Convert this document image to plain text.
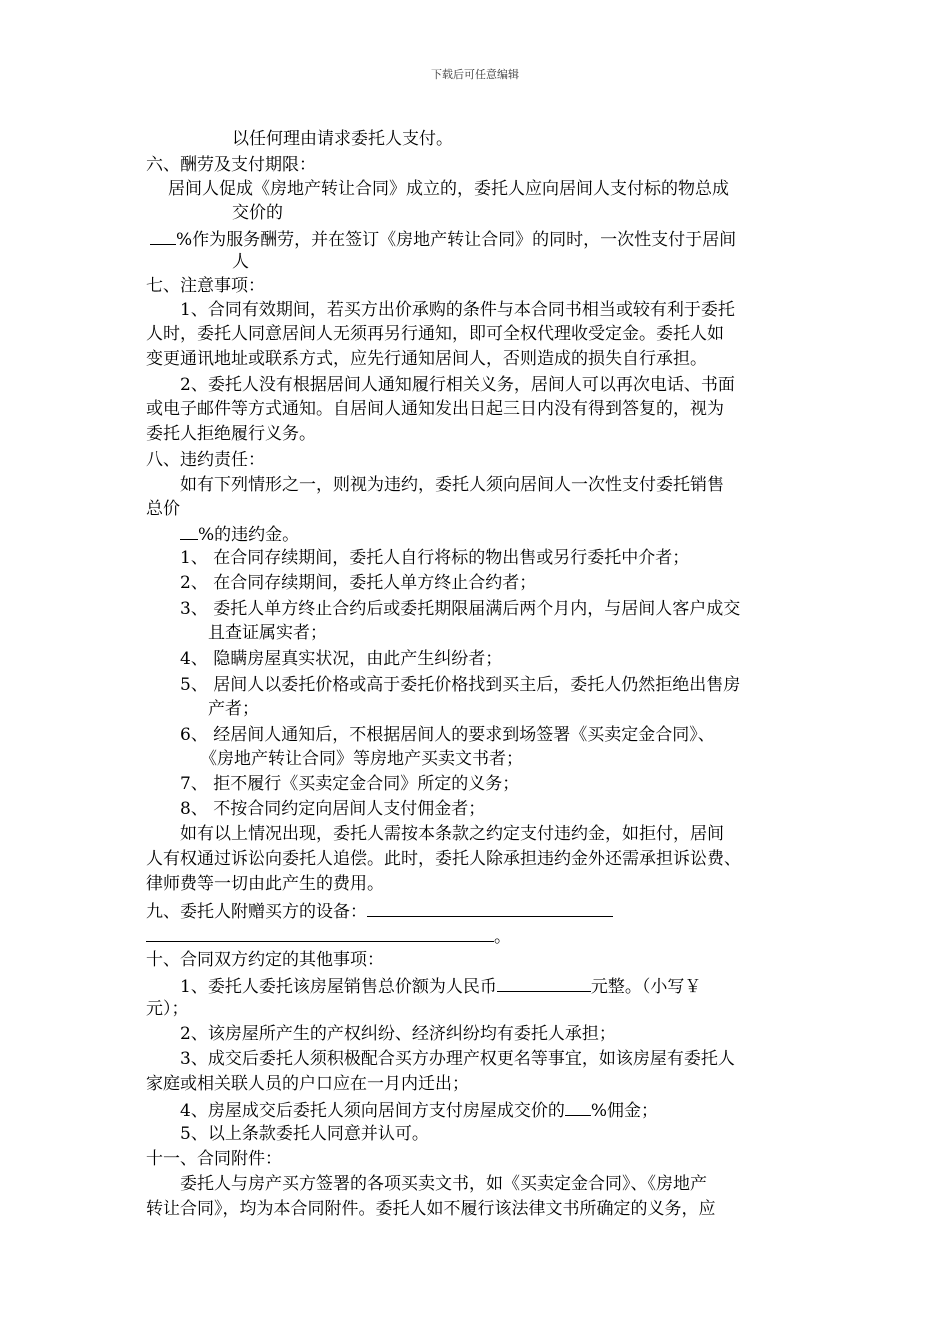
下载后可任意编辑
以任何理由请求委托人支付。
六、酬劳及支付期限：
居间人促成《房地产转让合同》成立的，委托人应向居间人支付标的物总成
交价的
%作为服务酬劳，并在签订《房地产转让合同》的同时，一次性支付于居间
人
七、注意事项：
1、合同有效期间，若买方出价承购的条件与本合同书相当或较有利于委托
人时，委托人同意居间人无须再另行通知，即可全权代理收受定金。委托人如
变更通讯地址或联系方式，应先行通知居间人，否则造成的损失自行承担。
2、委托人没有根据居间人通知履行相关义务，居间人可以再次电话、书面
或电子邮件等方式通知。自居间人通知发出日起三日内没有得到答复的，视为
委托人拒绝履行义务。
八、违约责任：
如有下列情形之一，则视为违约，委托人须向居间人一次性支付委托销售
总价
%的违约金。
1、 在合同存续期间，委托人自行将标的物出售或另行委托中介者；
2、 在合同存续期间，委托人单方终止合约者；
3、 委托人单方终止合约后或委托期限届满后两个月内，与居间人客户成交
且查证属实者；
4、 隐瞒房屋真实状况，由此产生纠纷者；
5、 居间人以委托价格或高于委托价格找到买主后，委托人仍然拒绝出售房
产者；
6、 经居间人通知后，不根据居间人的要求到场签署《买卖定金合同》、
《房地产转让合同》等房地产买卖文书者；
7、 拒不履行《买卖定金合同》所定的义务；
8、 不按合同约定向居间人支付佣金者；
如有以上情况出现，委托人需按本条款之约定支付违约金，如拒付，居间
人有权通过诉讼向委托人追偿。此时，委托人除承担违约金外还需承担诉讼费、
律师费等一切由此产生的费用。
九、委托人附赠买方的设备：
。
十、合同双方约定的其他事项：
1、委托人委托该房屋销售总价额为人民币	元整。（小写￥
元）；
2、该房屋所产生的产权纠纷、经济纠纷均有委托人承担；
3、成交后委托人须积极配合买方办理产权更名等事宜，如该房屋有委托人
家庭或相关联人员的户口应在一月内迁出；
4、房屋成交后委托人须向居间方支付房屋成交价的 %佣金；
5、以上条款委托人同意并认可。
十一、合同附件：
委托人与房产买方签署的各项买卖文书，如《买卖定金合同》、《房地产
转让合同》，均为本合同附件。委托人如不履行该法律文书所确定的义务，应
